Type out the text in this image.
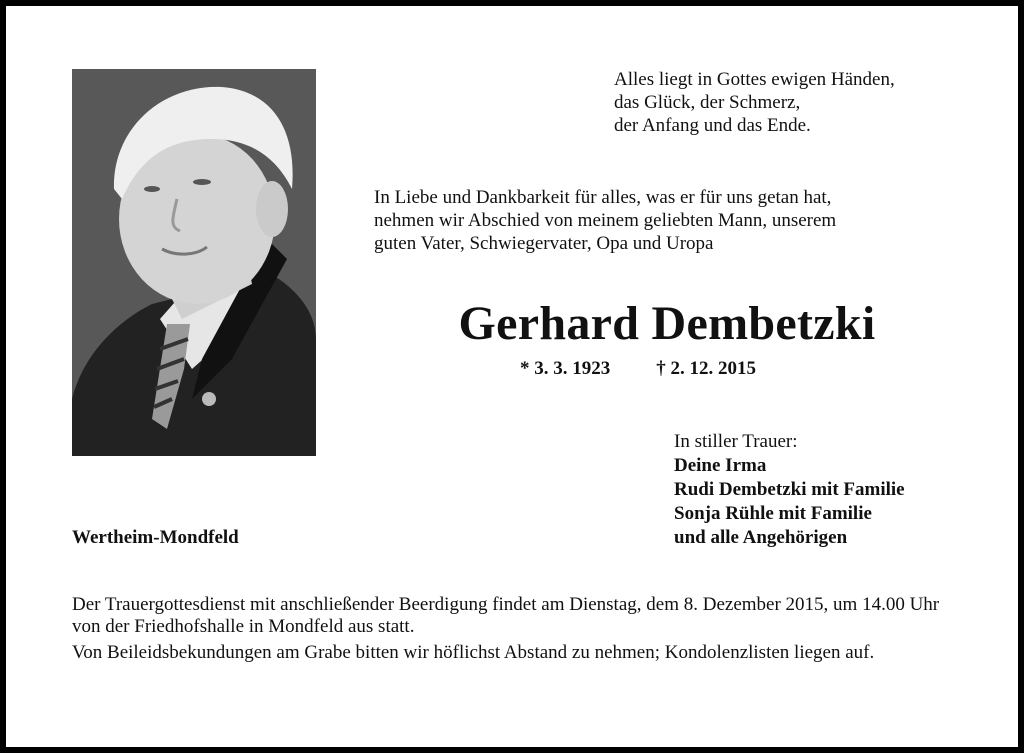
Alles liegt in Gottes ewigen Händen,
das Glück, der Schmerz,
der Anfang und das Ende.
In Liebe und Dankbarkeit für alles, was er für uns getan hat,
nehmen wir Abschied von meinem geliebten Mann, unserem
guten Vater, Schwiegervater, Opa und Uropa
Gerhard Dembetzki
* 3. 3. 1923 † 2. 12. 2015
In stiller Trauer:
Deine Irma
Rudi Dembetzki mit Familie
Sonja Rühle mit Familie
und alle Angehörigen
Wertheim-Mondfeld

Der Trauergottesdienst mit anschließender Beerdigung findet am Dienstag, dem 8. Dezember 2015, um 14.00 Uhr von der Friedhofshalle in Mondfeld aus statt.

Von Beileidsbekundungen am Grabe bitten wir höflichst Abstand zu nehmen; Kondolenzlisten liegen auf.
